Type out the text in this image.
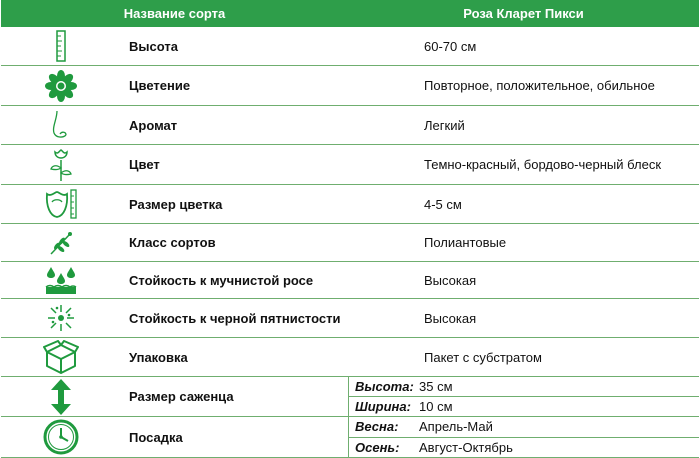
Название сорта	Роза Кларет Пикси
Высота	60-70 см
Цветение	Повторное, положительное, обильное
Аромат	Легкий
Цвет	Темно-красный, бордово-черный блеск
Размер цветка	4-5 см
Класс сортов	Полиантовые
Стойкость к мучнистой росе	Высокая
Стойкость к черной пятнистости	Высокая
Упаковка	Пакет с субстратом
Размер саженца
Высота: 35 см
Ширина: 10 см
Посадка
Весна:	Апрель-Май
Осень:	Август-Октябрь
